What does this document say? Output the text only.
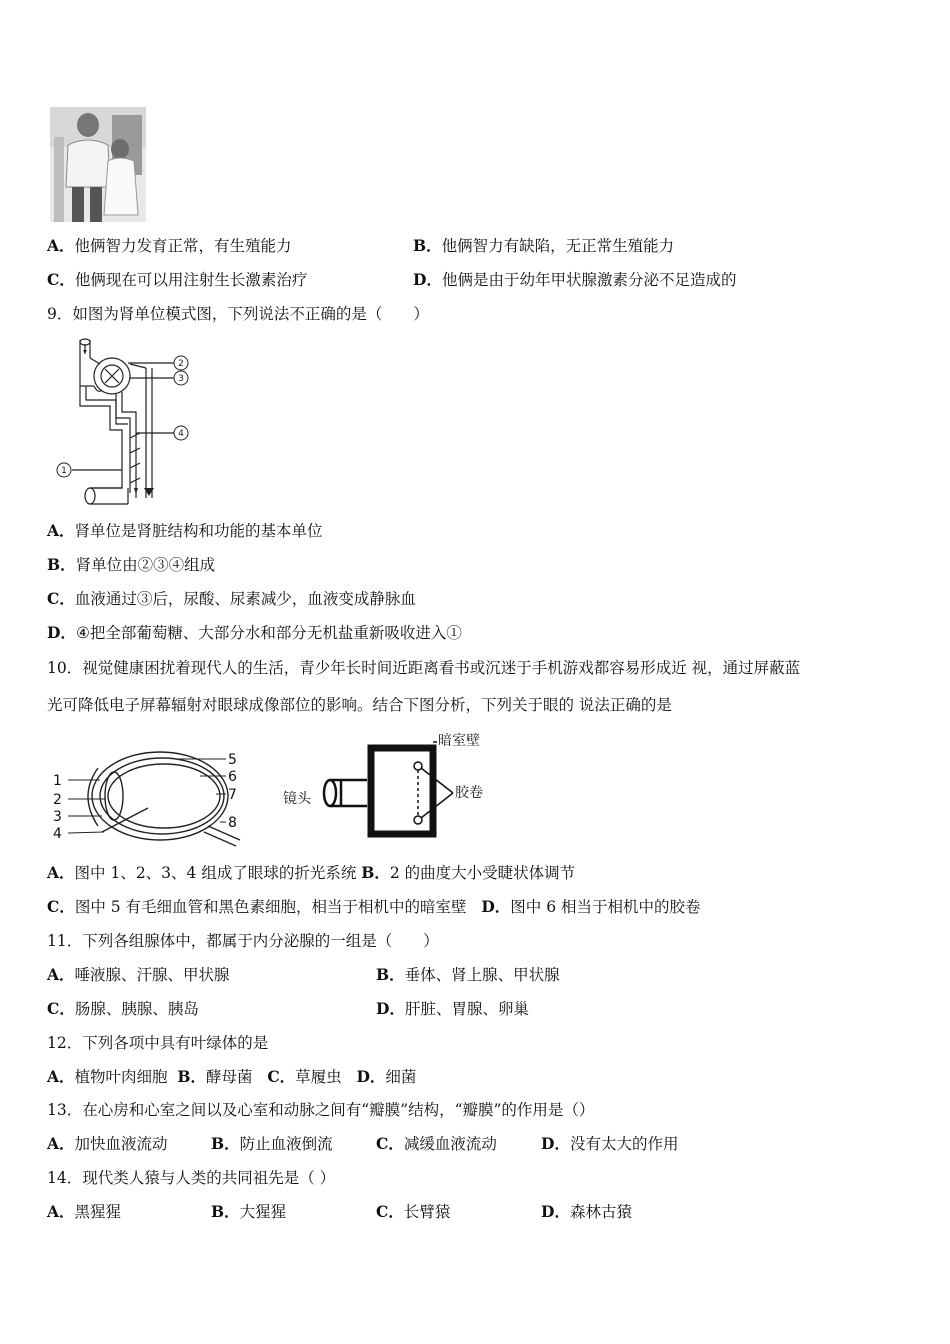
A．他俩智力发育正常，有生殖能力	B．他俩智力有缺陷，无正常生殖能力
C．他俩现在可以用注射生长激素治疗	D．他俩是由于幼年甲状腺激素分泌不足造成的
9．如图为肾单位模式图，下列说法不正确的是（　　）
2
3
4
1
A．肾单位是肾脏结构和功能的基本单位
B．肾单位由②③④组成
C．血液通过③后，尿酸、尿素减少，血液变成静脉血
D．④把全部葡萄糖、大部分水和部分无机盐重新吸收进入①
10．视觉健康困扰着现代人的生活，青少年长时间近距离看书或沉迷于手机游戏都容易形成近 视，通过屏蔽蓝
光可降低电子屏幕辐射对眼球成像部位的影响。结合下图分析，下列关于眼的 说法正确的是
1
2
3
4
5
6
7
8
暗室壁
镜头	胶卷
A．图中 1、2、3、4 组成了眼球的折光系统 B．2 的曲度大小受睫状体调节
C．图中 5 有毛细血管和黑色素细胞，相当于相机中的暗室壁 D．图中 6 相当于相机中的胶卷
11．下列各组腺体中，都属于内分泌腺的一组是（　　）
A．唾液腺、汗腺、甲状腺	B．垂体、肾上腺、甲状腺
C．肠腺、胰腺、胰岛	D．肝脏、胃腺、卵巢
12．下列各项中具有叶绿体的是
A．植物叶肉细胞 B．酵母菌 C．草履虫 D．细菌
13．在心房和心室之间以及心室和动脉之间有“瓣膜”结构，“瓣膜”的作用是（）
A．加快血液流动	B．防止血液倒流	C．减缓血液流动	D．没有太大的作用
14．现代类人猿与人类的共同祖先是（ ）
A．黑猩猩	B．大猩猩	C．长臂猿	D．森林古猿
